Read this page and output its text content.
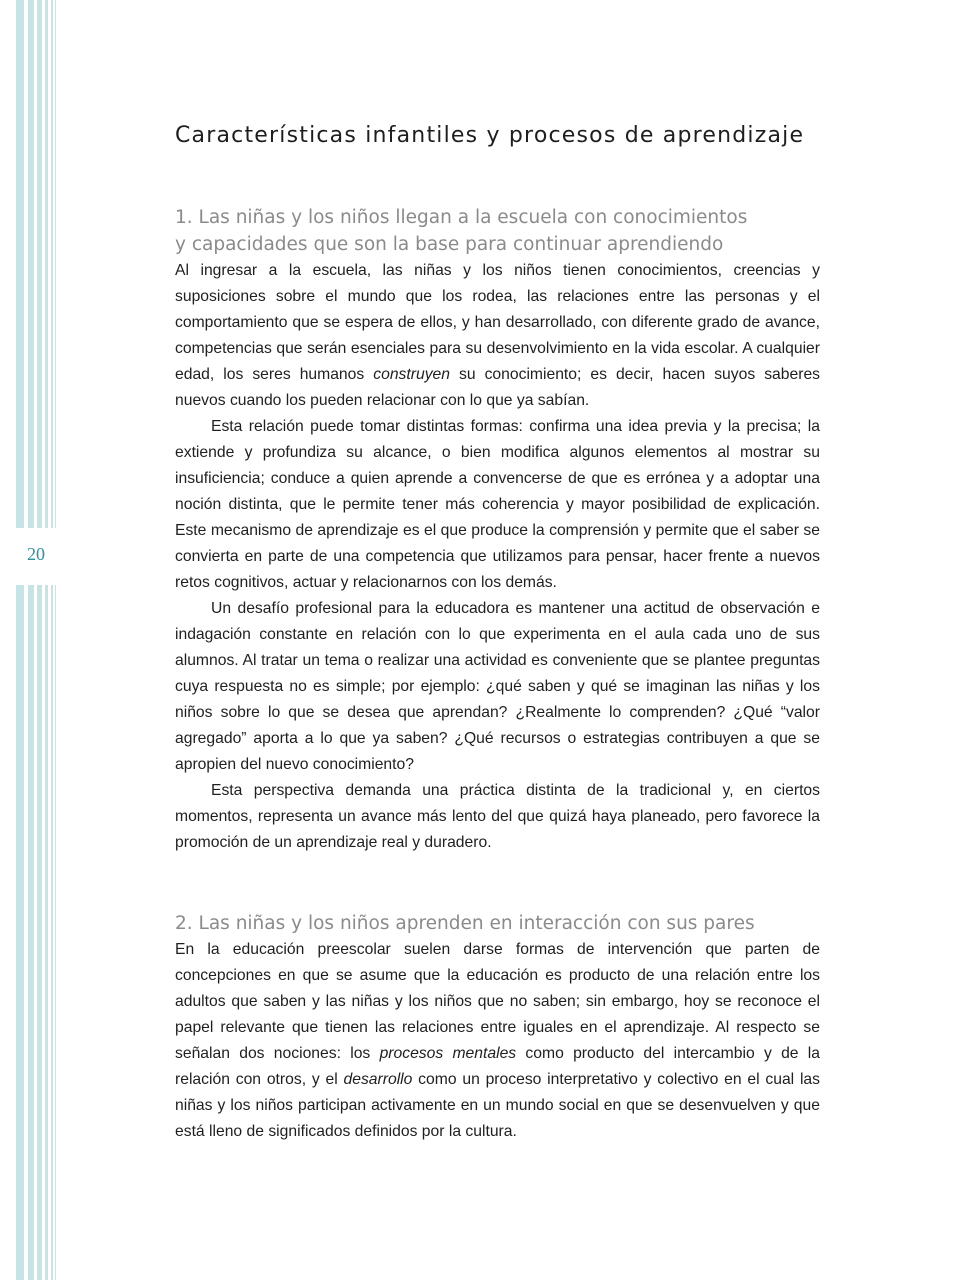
20
Características infantiles y procesos de aprendizaje
1. Las niñas y los niños llegan a la escuela con conocimientos
y capacidades que son la base para continuar aprendiendo

Al ingresar a la escuela, las niñas y los niños tienen conocimientos, creencias y suposiciones sobre el mundo que los rodea, las relaciones entre las personas y el comportamiento que se espera de ellos, y han desarrollado, con diferente grado de avance, competencias que serán esenciales para su desenvolvimiento en la vida escolar. A cualquier edad, los seres humanos construyen su conocimiento; es decir, hacen suyos saberes nuevos cuando los pueden relacionar con lo que ya sabían.

Esta relación puede tomar distintas formas: confirma una idea previa y la precisa; la extiende y profundiza su alcance, o bien modifica algunos elementos al mostrar su insuficiencia; conduce a quien aprende a convencerse de que es errónea y a adoptar una noción distinta, que le permite tener más coherencia y mayor posibilidad de explicación. Este mecanismo de aprendizaje es el que produce la comprensión y permite que el saber se convierta en parte de una competencia que utilizamos para pensar, hacer frente a nuevos retos cognitivos, actuar y relacionarnos con los demás.

Un desafío profesional para la educadora es mantener una actitud de observación e indagación constante en relación con lo que experimenta en el aula cada uno de sus alumnos. Al tratar un tema o realizar una actividad es conveniente que se plantee preguntas cuya respuesta no es simple; por ejemplo: ¿qué saben y qué se imaginan las niñas y los niños sobre lo que se desea que aprendan? ¿Realmente lo comprenden? ¿Qué “valor agregado” aporta a lo que ya saben? ¿Qué recursos o estrategias contribuyen a que se apropien del nuevo conocimiento?

Esta perspectiva demanda una práctica distinta de la tradicional y, en ciertos momentos, representa un avance más lento del que quizá haya planeado, pero favorece la promoción de un aprendizaje real y duradero.

2. Las niñas y los niños aprenden en interacción con sus pares

En la educación preescolar suelen darse formas de intervención que parten de concepciones en que se asume que la educación es producto de una relación entre los adultos que saben y las niñas y los niños que no saben; sin embargo, hoy se reconoce el papel relevante que tienen las relaciones entre iguales en el aprendizaje. Al respecto se señalan dos nociones: los procesos mentales como producto del intercambio y de la relación con otros, y el desarrollo como un proceso interpretativo y colectivo en el cual las niñas y los niños participan activamente en un mundo social en que se desenvuelven y que está lleno de significados definidos por la cultura.
